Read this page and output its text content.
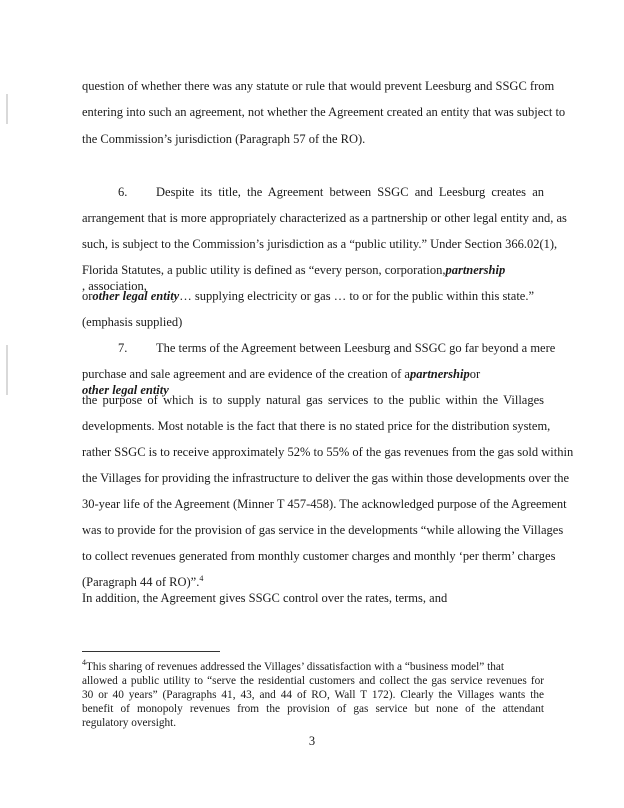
question of whether there was any statute or rule that would prevent Leesburg and SSGC from

entering into such an agreement, not whether the Agreement created an entity that was subject to

the Commission’s jurisdiction (Paragraph 57 of the RO).

6. Despite its title, the Agreement between SSGC and Leesburg creates an

arrangement that is more appropriately characterized as a partnership or other legal entity and, as

such, is subject to the Commission’s jurisdiction as a “public utility.” Under Section 366.02(1),

Florida Statutes, a public utility is defined as “every person, corporation,partnership, association,

orother legal entity… supplying electricity or gas … to or for the public within this state.”

(emphasis supplied)

7. The terms of the Agreement between Leesburg and SSGC go far beyond a mere

purchase and sale agreement and are evidence of the creation of apartnershiporother legal entity

the purpose of which is to supply natural gas services to the public within the Villages

developments. Most notable is the fact that there is no stated price for the distribution system,

rather SSGC is to receive approximately 52% to 55% of the gas revenues from the gas sold within

the Villages for providing the infrastructure to deliver the gas within those developments over the

30-year life of the Agreement (Minner T 457-458). The acknowledged purpose of the Agreement

was to provide for the provision of gas service in the developments “while allowing the Villages

to collect revenues generated from monthly customer charges and monthly ‘per therm’ charges

(Paragraph 44 of RO)”.$^4$In addition, the Agreement gives SSGC control over the rates, terms, and

$^4$This sharing of revenues addressed the Villages’ dissatisfaction with a “business model” that

allowed a public utility to “serve the residential customers and collect the gas service revenues for

30 or 40 years” (Paragraphs 41, 43, and 44 of RO, Wall T 172). Clearly the Villages wants the

benefit of monopoly revenues from the provision of gas service but none of the attendant

regulatory oversight.

3
